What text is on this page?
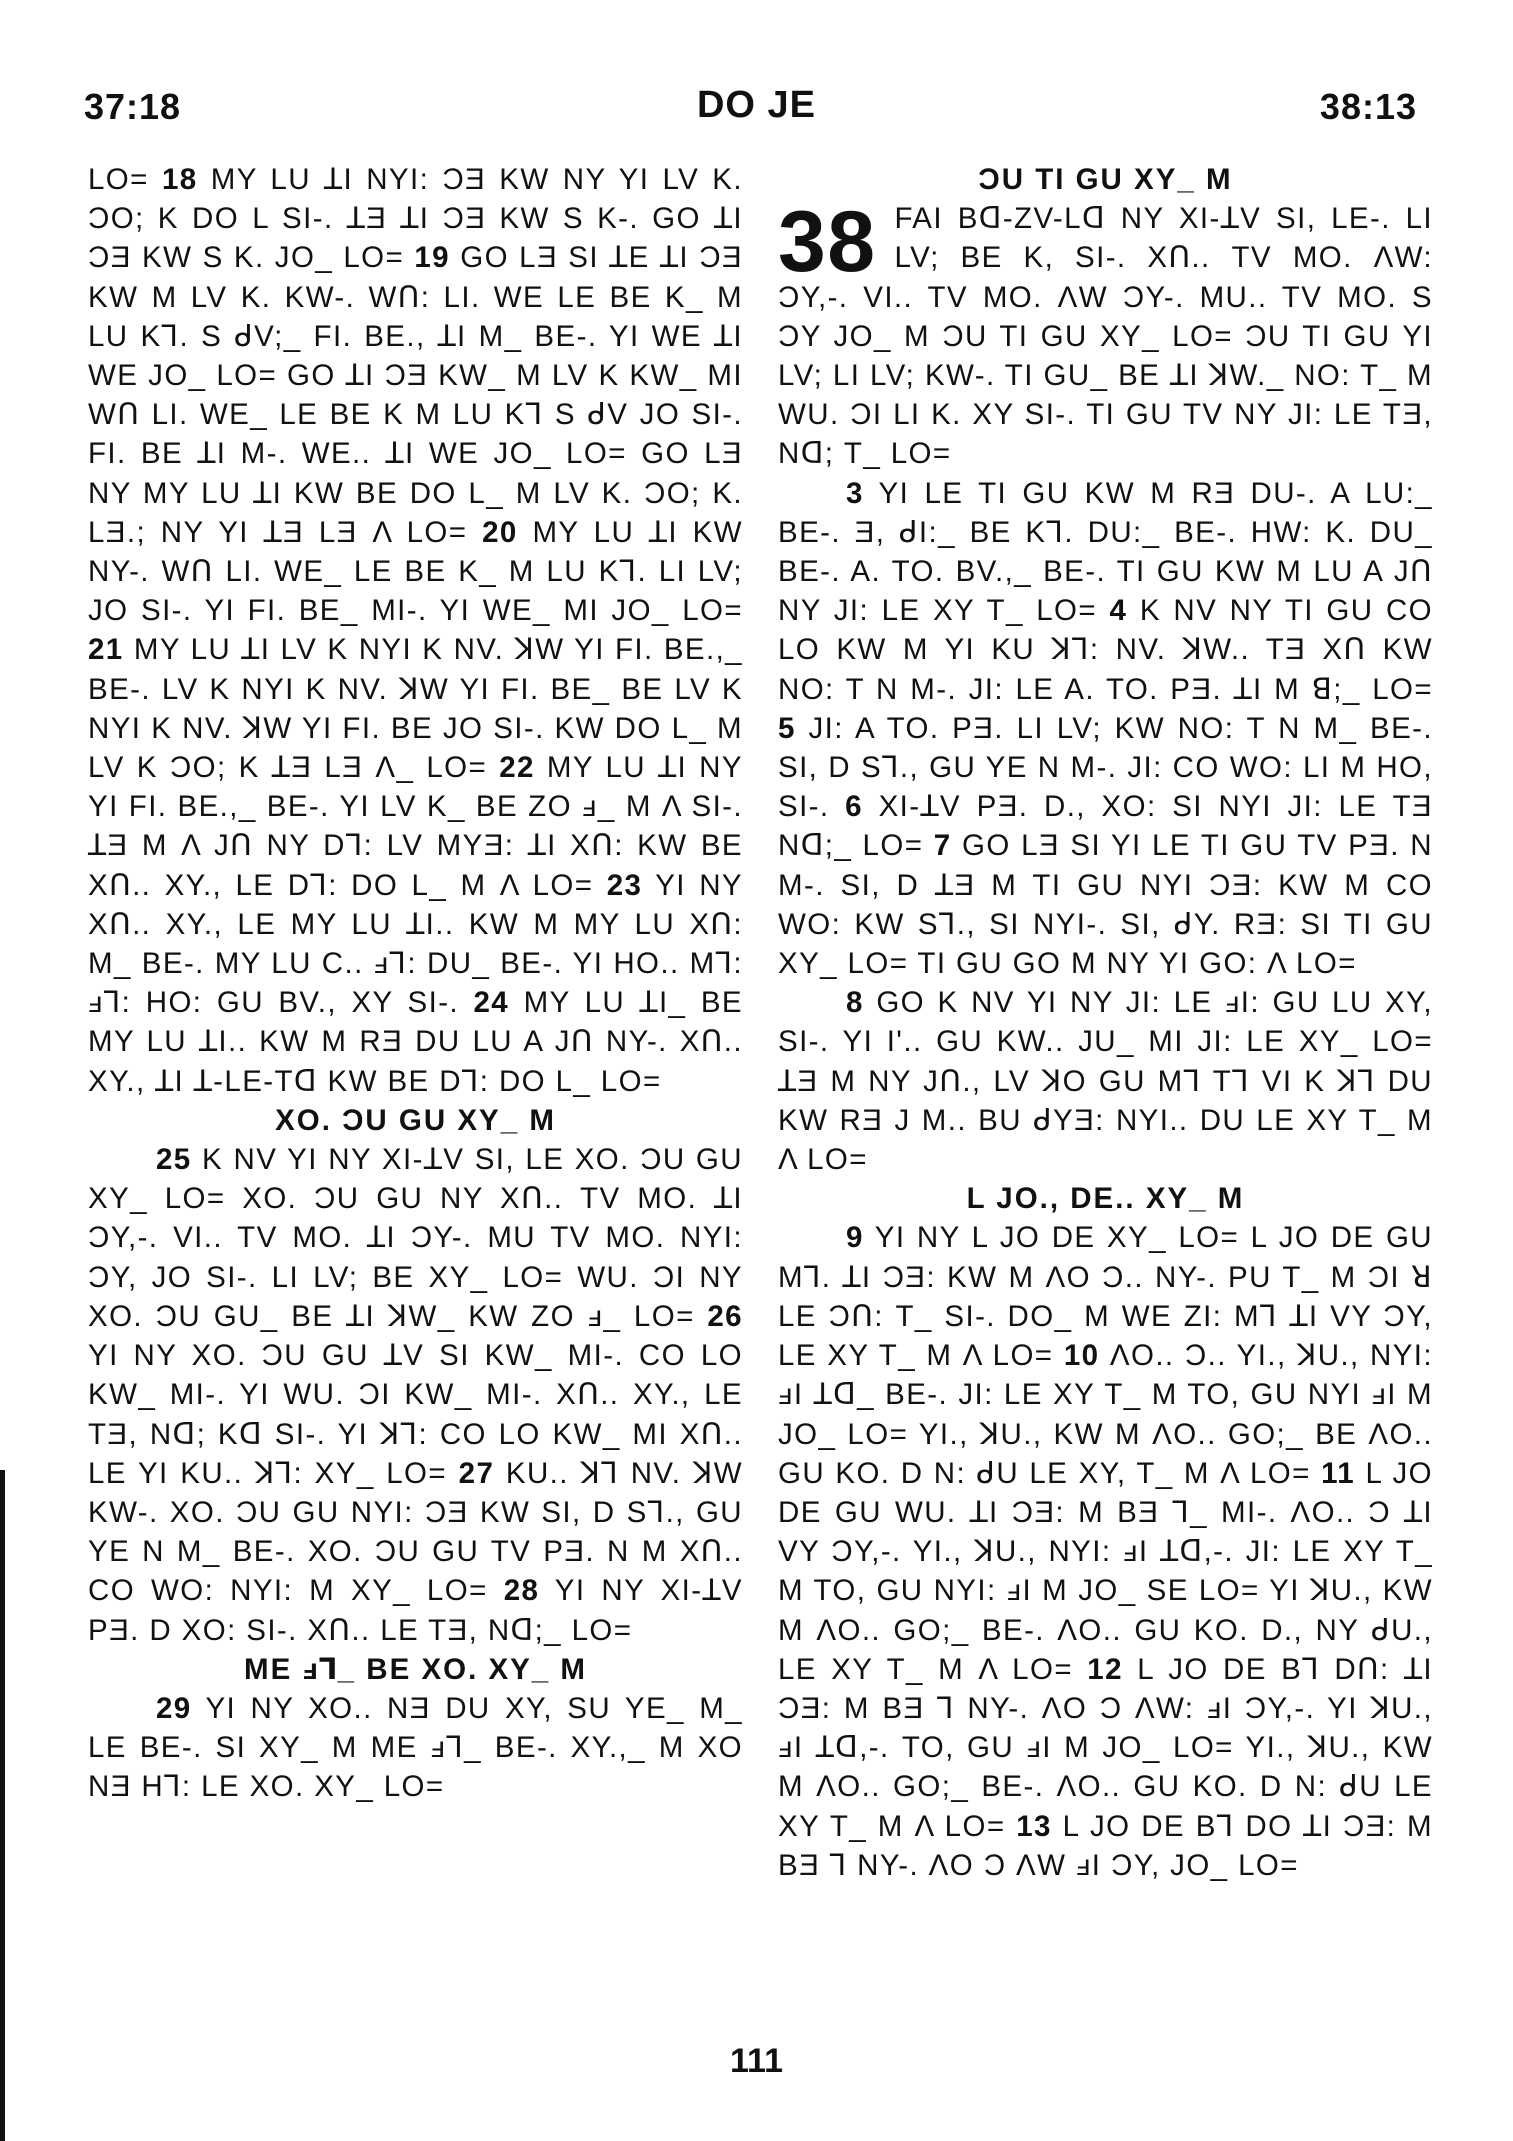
37:18	DO JE	38:13

LO= 18 MY LU ꓕI NYI: ƆƎ KW NY YI LV K. ƆO; K DO L SI-. ꓕƎ ꓕI ƆƎ KW S K-. GO ꓕI ƆƎ KW S K. JO_ LO= 19 GO LƎ SI ꓕE ꓕI ƆƎ KW M LV K. KW-. WՈ: LI. WE LE BE K_ M LU K⅂. S ᑯV;_ FI. BE., ꓕI M_ BE-. YI WE ꓕI WE JO_ LO= GO ꓕI ƆƎ KW_ M LV K KW_ MI WՈ LI. WE_ LE BE K M LU K⅂ S ᑯV JO SI-. FI. BE ꓕI M-. WE.. ꓕI WE JO_ LO= GO LƎ NY MY LU ꓕI KW BE DO L_ M LV K. ƆO; K. LƎ.; NY YI ꓕƎ LƎ Λ LO= 20 MY LU ꓕI KW NY-. WՈ LI. WE_ LE BE K_ M LU K⅂. LI LV; JO SI-. YI FI. BE_ MI-. YI WE_ MI JO_ LO= 21 MY LU ꓕI LV K NYI K NV. ꓘW YI FI. BE.,_ BE-. LV K NYI K NV. ꓘW YI FI. BE_ BE LV K NYI K NV. ꓘW YI FI. BE JO SI-. KW DO L_ M LV K ƆO; K ꓕƎ LƎ Λ_ LO= 22 MY LU ꓕI NY YI FI. BE.,_ BE-. YI LV K_ BE ZO ⅎ_ M Λ SI-. ꓕƎ M Λ JՈ NY D⅂: LV MYƎ: ꓕI XՈ: KW BE XՈ.. XY., LE D⅂: DO L_ M Λ LO= 23 YI NY XՈ.. XY., LE MY LU ꓕI.. KW M MY LU XՈ: M_ BE-. MY LU C.. ⅎ⅂: DU_ BE-. YI HO.. M⅂: ⅎ⅂: HO: GU BV., XY SI-. 24 MY LU ꓕI_ BE MY LU ꓕI.. KW M RƎ DU LU A JՈ NY-. XՈ.. XY., ꓕI ꓕ-LE-Tᗡ KW BE D⅂: DO L_ LO=

XO. ƆU GU XY_ M

25 K NV YI NY XI-ꓕV SI, LE XO. ƆU GU XY_ LO= XO. ƆU GU NY XՈ.. TV MO. ꓕI ƆY,-. VI.. TV MO. ꓕI ƆY-. MU TV MO. NYI: ƆY, JO SI-. LI LV; BE XY_ LO= WU. ƆI NY XO. ƆU GU_ BE ꓕI ꓘW_ KW ZO ⅎ_ LO= 26 YI NY XO. ƆU GU ꓕV SI KW_ MI-. CO LO KW_ MI-. YI WU. ƆI KW_ MI-. XՈ.. XY., LE TƎ, Nᗡ; Kᗡ SI-. YI ꓘ⅂: CO LO KW_ MI XՈ.. LE YI KU.. ꓘ⅂: XY_ LO= 27 KU.. ꓘ⅂ NV. ꓘW KW-. XO. ƆU GU NYI: ƆƎ KW SI, D S⅂., GU YE N M_ BE-. XO. ƆU GU TV PƎ. N M XՈ.. CO WO: NYI: M XY_ LO= 28 YI NY XI-ꓕV PƎ. D XO: SI-. XՈ.. LE TƎ, Nᗡ;_ LO=

ME ⅎ⅂_ BE XO. XY_ M

29 YI NY XO.. NƎ DU XY, SU YE_ M_ LE BE-. SI XY_ M ME ⅎ⅂_ BE-. XY.,_ M XO NƎ H⅂: LE XO. XY_ LO=

ƆU TI GU XY_ M

38 FAI Bᗡ-ZV-Lᗡ NY XI-ꓕV SI, LE-. LI LV; BE K, SI-. XՈ.. TV MO. ΛW: ƆY,-. VI.. TV MO. ΛW ƆY-. MU.. TV MO. S ƆY JO_ M ƆU TI GU XY_ LO= ƆU TI GU YI LV; LI LV; KW-. TI GU_ BE ꓕI ꓘW._ NO: T_ M WU. ƆI LI K. XY SI-. TI GU TV NY JI: LE TƎ, Nᗡ; T_ LO=

3 YI LE TI GU KW M RƎ DU-. A LU:_ BE-. Ǝ, ᑯI:_ BE K⅂. DU:_ BE-. HW: K. DU_ BE-. A. TO. BV.,_ BE-. TI GU KW M LU A JՈ NY JI: LE XY T_ LO= 4 K NV NY TI GU CO LO KW M YI KU ꓘ⅂: NV. ꓘW.. TƎ XՈ KW NO: T N M-. JI: LE A. TO. PƎ. ꓕI M ꓭ;_ LO= 5 JI: A TO. PƎ. LI LV; KW NO: T N M_ BE-. SI, D S⅂., GU YE N M-. JI: CO WO: LI M HO, SI-. 6 XI-ꓕV PƎ. D., XO: SI NYI JI: LE TƎ Nᗡ;_ LO= 7 GO LƎ SI YI LE TI GU TV PƎ. N M-. SI, D ꓕƎ M TI GU NYI ƆƎ: KW M CO WO: KW S⅂., SI NYI-. SI, ᑯY. RƎ: SI TI GU XY_ LO= TI GU GO M NY YI GO: Λ LO=

8 GO K NV YI NY JI: LE ⅎI: GU LU XY, SI-. YI I'.. GU KW.. JU_ MI JI: LE XY_ LO= ꓕƎ M NY JՈ., LV ꓘO GU M⅂ T⅂ VI K ꓘ⅂ DU KW RƎ J M.. BU ᑯYƎ: NYI.. DU LE XY T_ M Λ LO=

L JO., DE.. XY_ M

9 YI NY L JO DE XY_ LO= L JO DE GU M⅂. ꓕI ƆƎ: KW M ΛO Ɔ.. NY-. PU T_ M ƆI ꓤ LE ƆՈ: T_ SI-. DO_ M WE ZI: M⅂ ꓕI VY ƆY, LE XY T_ M Λ LO= 10 ΛO.. Ɔ.. YI., ꓘU., NYI: ⅎI ꓕᗡ_ BE-. JI: LE XY T_ M TO, GU NYI ⅎI M JO_ LO= YI., ꓘU., KW M ΛO.. GO;_ BE ΛO.. GU KO. D N: ᑯU LE XY, T_ M Λ LO= 11 L JO DE GU WU. ꓕI ƆƎ: M BƎ ⅂_ MI-. ΛO.. Ɔ ꓕI VY ƆY,-. YI., ꓘU., NYI: ⅎI ꓕᗡ,-. JI: LE XY T_ M TO, GU NYI: ⅎI M JO_ SE LO= YI ꓘU., KW M ΛO.. GO;_ BE-. ΛO.. GU KO. D., NY ᑯU., LE XY T_ M Λ LO= 12 L JO DE B⅂ DՈ: ꓕI ƆƎ: M BƎ ⅂ NY-. ΛO Ɔ ΛW: ⅎI ƆY,-. YI ꓘU., ⅎI ꓕᗡ,-. TO, GU ⅎI M JO_ LO= YI., ꓘU., KW M ΛO.. GO;_ BE-. ΛO.. GU KO. D N: ᑯU LE XY T_ M Λ LO= 13 L JO DE B⅂ DO ꓕI ƆƎ: M BƎ ⅂ NY-. ΛO Ɔ ΛW ⅎI ƆY, JO_ LO=

111
